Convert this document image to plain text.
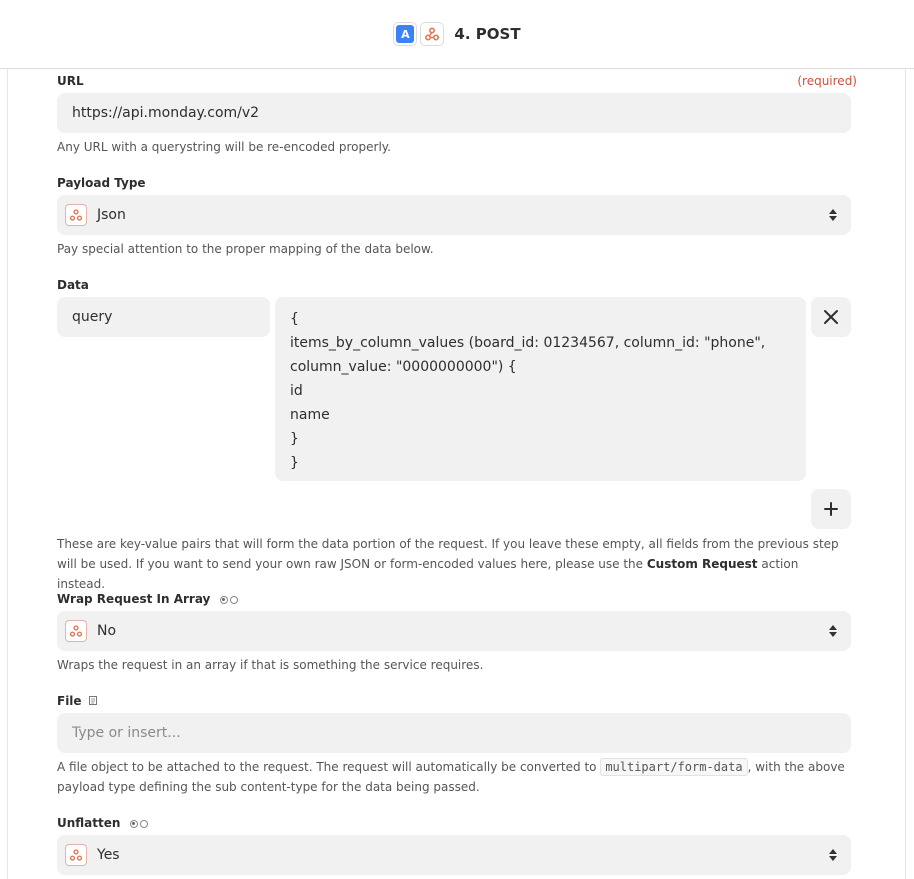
A	4. POST
URL	(required)
https://api.monday.com/v2
Any URL with a querystring will be re-encoded properly.
Payload Type
Json
Pay special attention to the proper mapping of the data below.
Data
query	{
items_by_column_values (board_id: 01234567, column_id: "phone",
column_value: "0000000000") {
id
name
}
}
These are key-value pairs that will form the data portion of the request. If you leave these empty, all fields from the previous step will be used. If you want to send your own raw JSON or form-encoded values here, please use the Custom Request action instead.
Wrap Request In Array
No
Wraps the request in an array if that is something the service requires.
File
Type or insert...
A file object to be attached to the request. The request will automatically be converted to multipart/form-data , with the above payload type defining the sub content-type for the data being passed.
Unflatten
Yes
